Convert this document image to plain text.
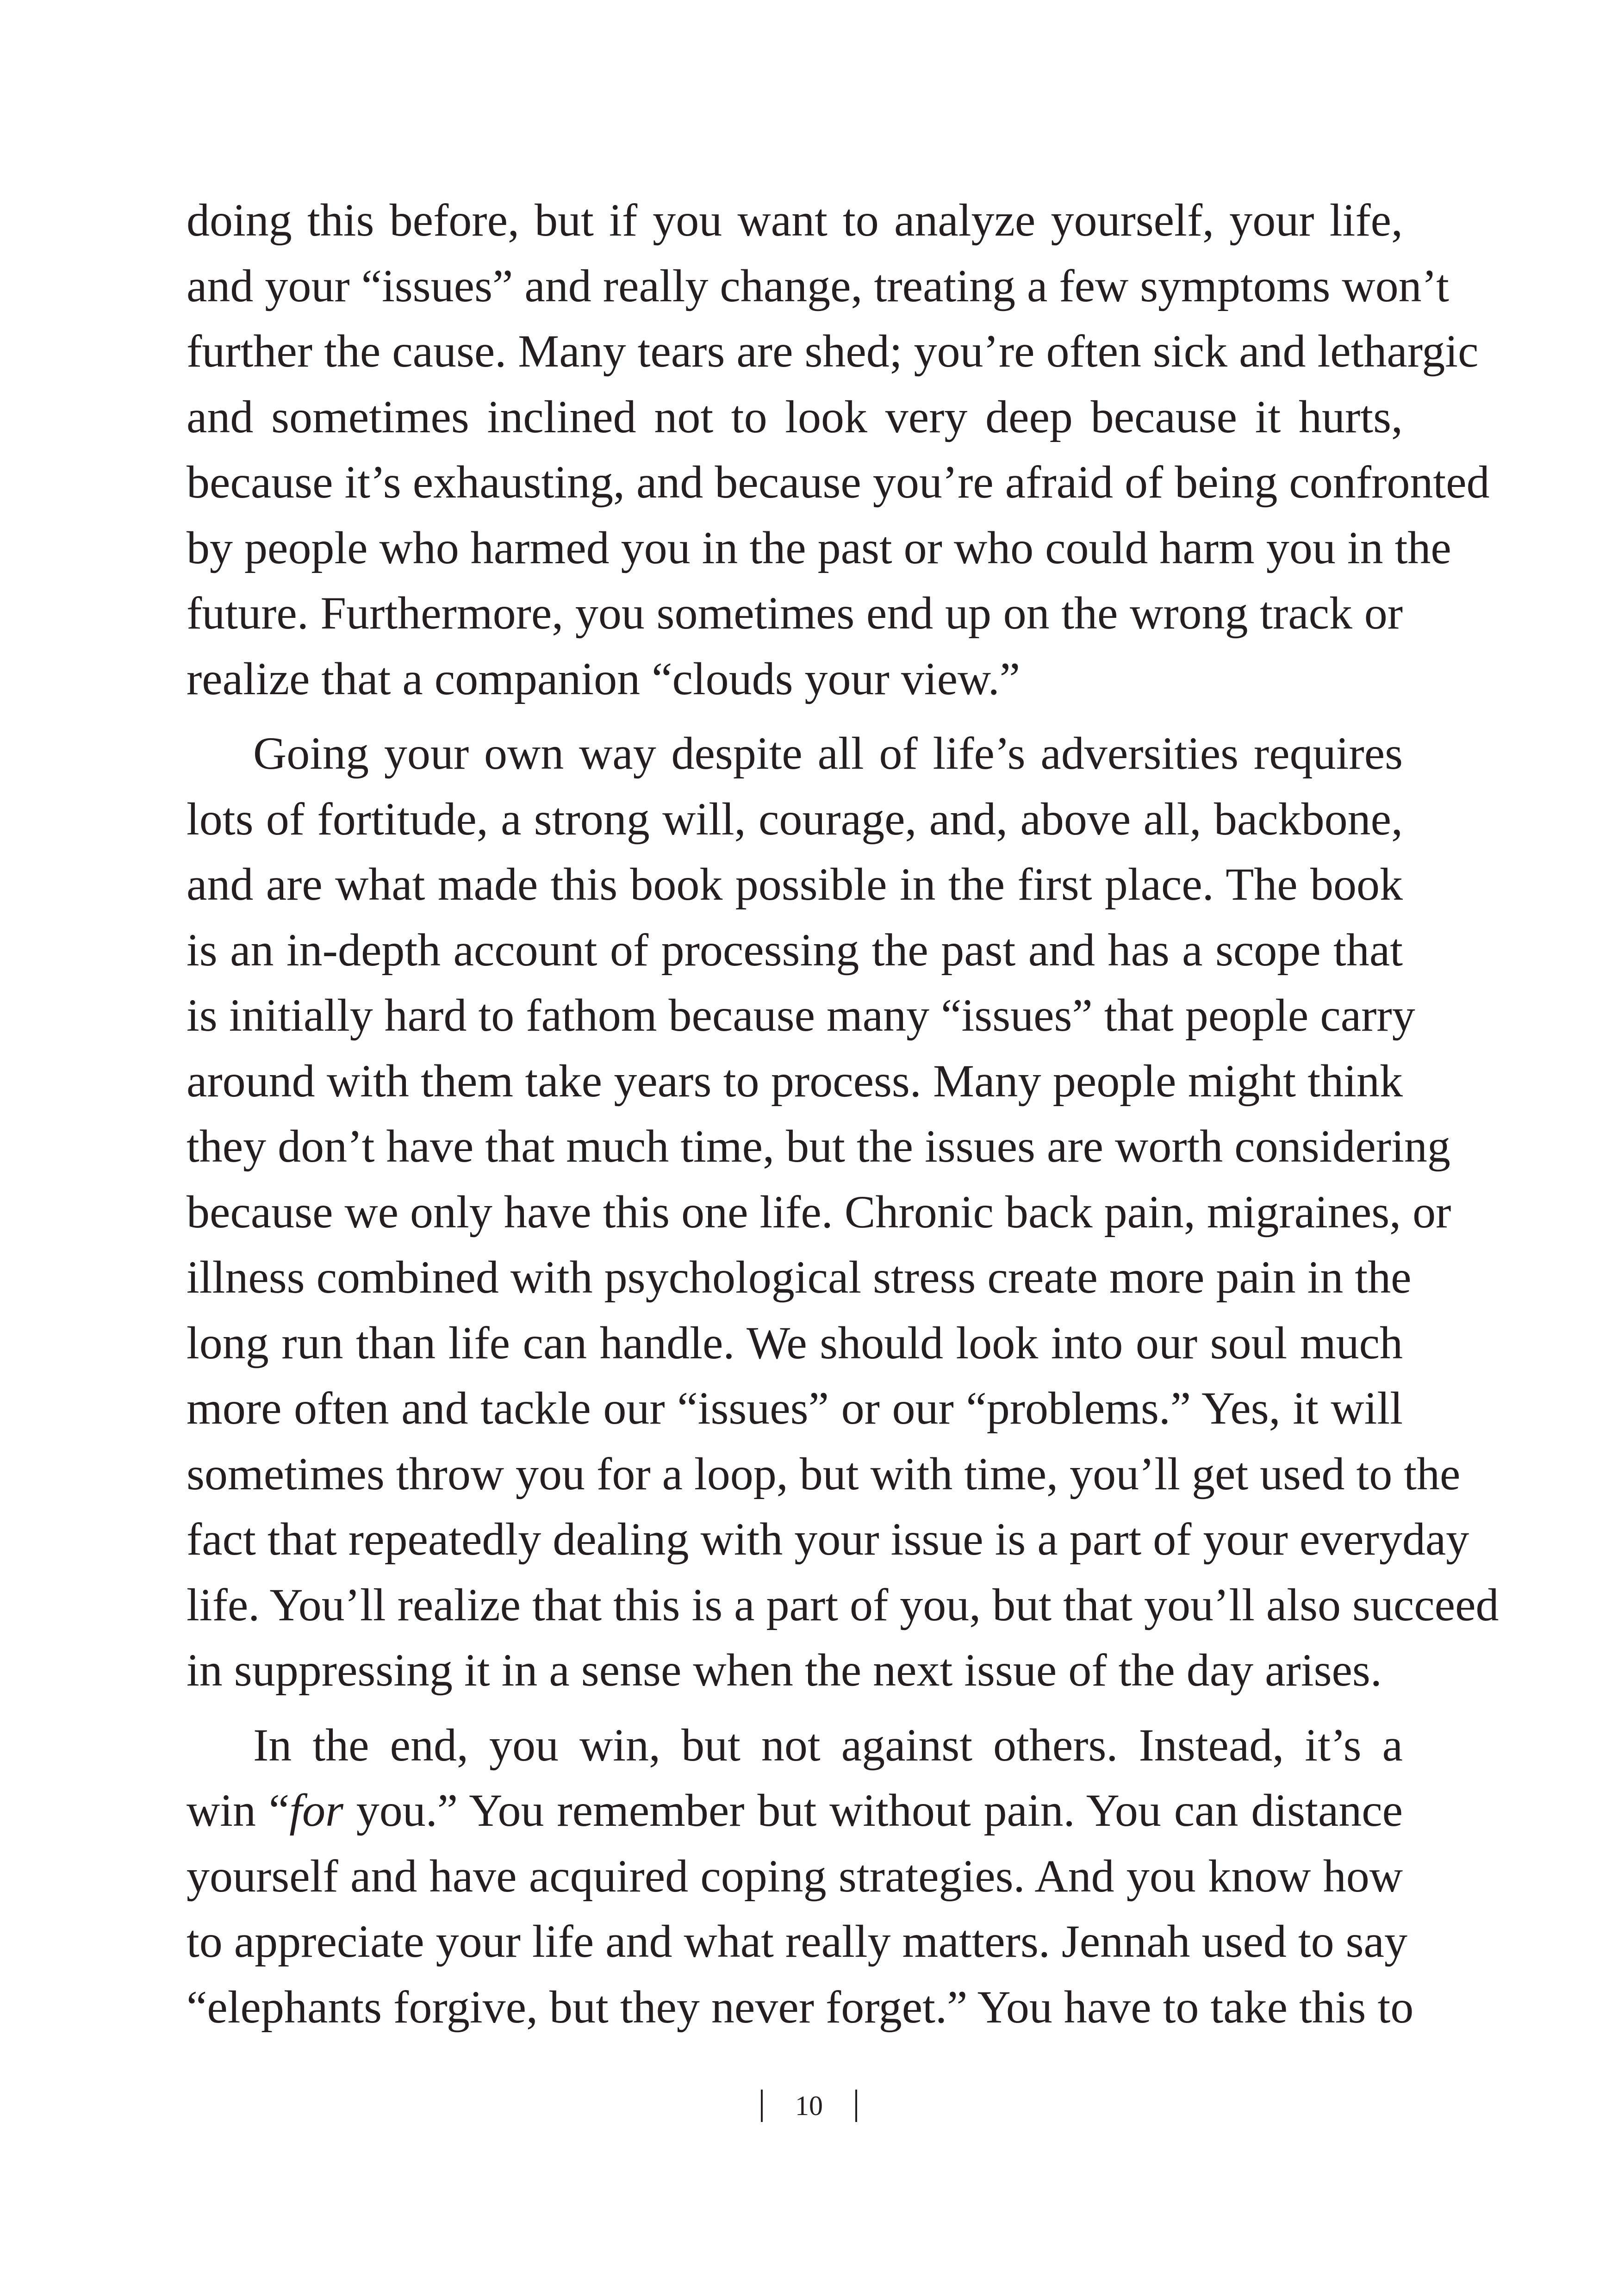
doing this before, but if you want to analyze yourself, your life,
and your “issues” and really change, treating a few symptoms won’t
further the cause. Many tears are shed; you’re often sick and lethargic
and sometimes inclined not to look very deep because it hurts,
because it’s exhausting, and because you’re afraid of being confronted
by people who harmed you in the past or who could harm you in the
future. Furthermore, you sometimes end up on the wrong track or
realize that a companion “clouds your view.”
Going your own way despite all of life’s adversities requires
lots of fortitude, a strong will, courage, and, above all, backbone,
and are what made this book possible in the first place. The book
is an in-depth account of processing the past and has a scope that
is initially hard to fathom because many “issues” that people carry
around with them take years to process. Many people might think
they don’t have that much time, but the issues are worth considering
because we only have this one life. Chronic back pain, migraines, or
illness combined with psychological stress create more pain in the
long run than life can handle. We should look into our soul much
more often and tackle our “issues” or our “problems.” Yes, it will
sometimes throw you for a loop, but with time, you’ll get used to the
fact that repeatedly dealing with your issue is a part of your everyday
life. You’ll realize that this is a part of you, but that you’ll also succeed
in suppressing it in a sense when the next issue of the day arises.
In the end, you win, but not against others. Instead, it’s a
win “for you.” You remember but without pain. You can distance
yourself and have acquired coping strategies. And you know how
to appreciate your life and what really matters. Jennah used to say
“elephants forgive, but they never forget.” You have to take this to
10
